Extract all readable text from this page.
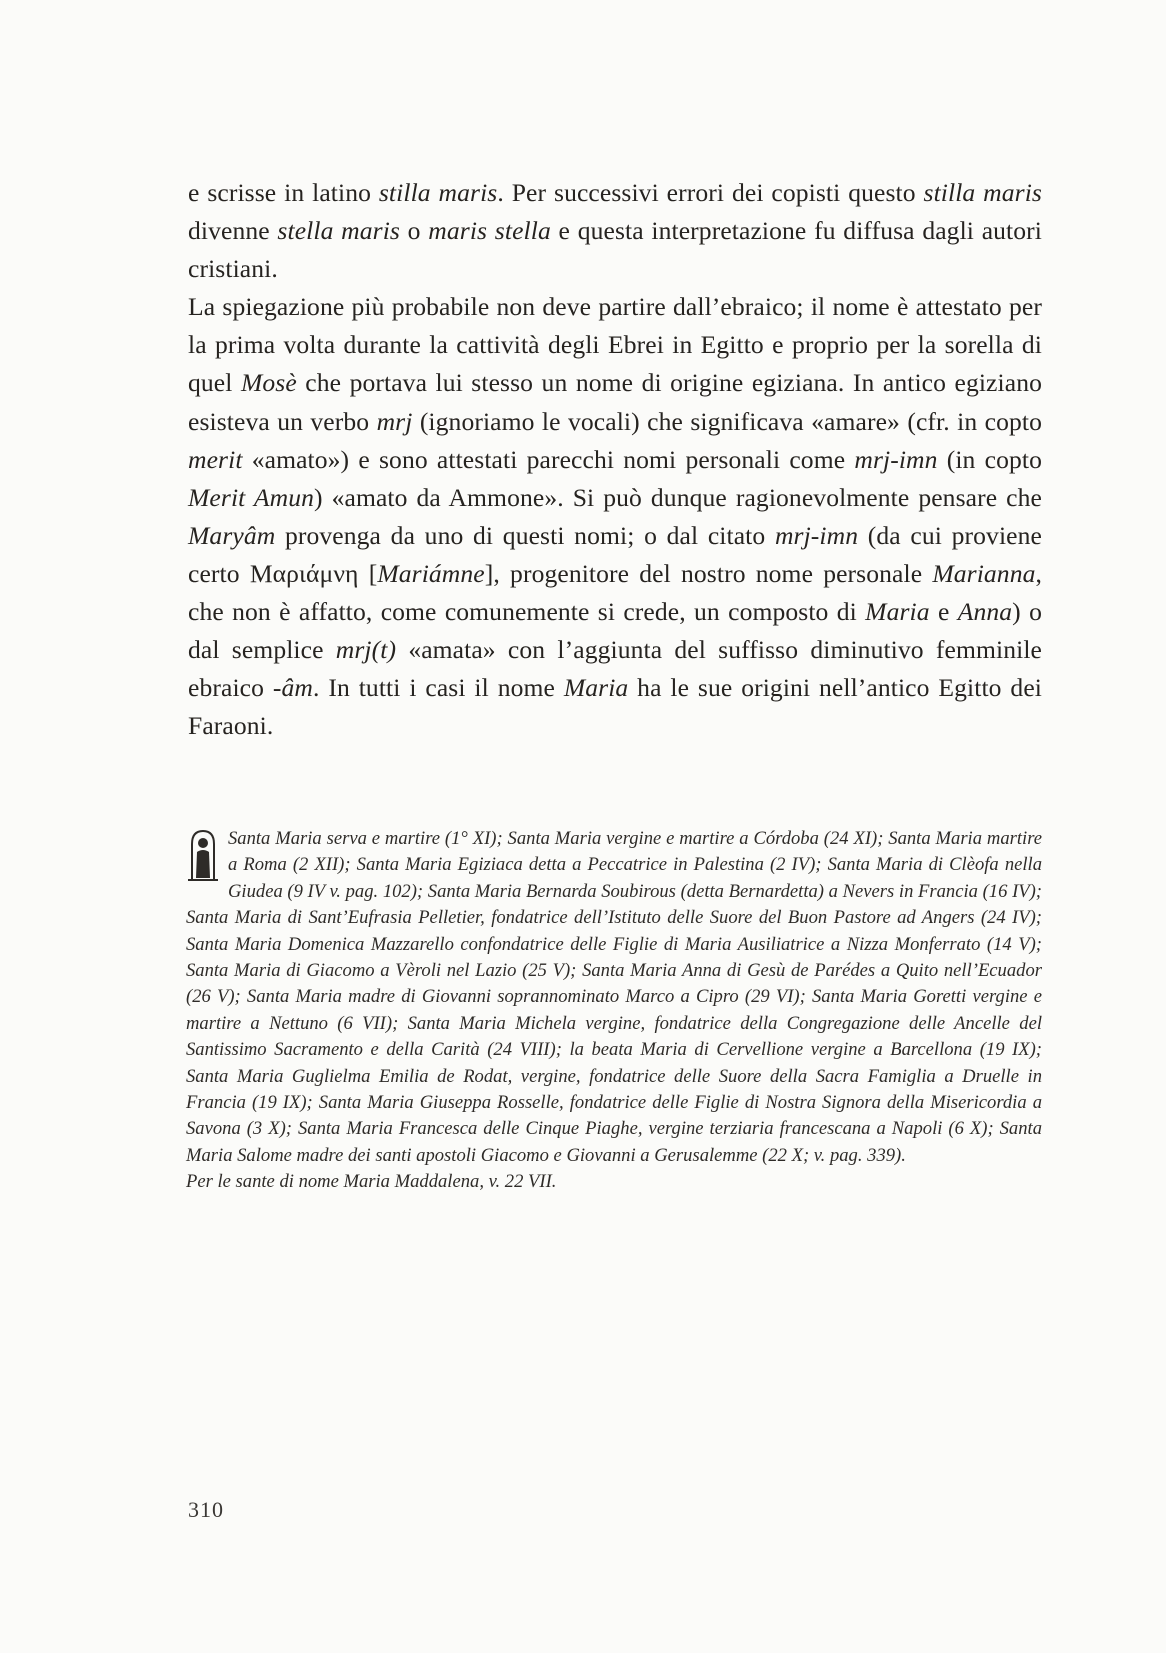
e scrisse in latino stilla maris. Per successivi errori dei copisti questo stilla maris divenne stella maris o maris stella e questa interpretazione fu diffusa dagli autori cristiani.

La spiegazione più probabile non deve partire dall’ebraico; il nome è attestato per la prima volta durante la cattività degli Ebrei in Egitto e proprio per la sorella di quel Mosè che portava lui stesso un nome di origine egiziana. In antico egiziano esisteva un verbo mrj (ignoriamo le vocali) che significava «amare» (cfr. in copto merit «amato») e sono attestati parecchi nomi personali come mrj-imn (in copto Merit Amun) «amato da Ammone». Si può dunque ragionevolmente pensare che Maryâm provenga da uno di questi nomi; o dal citato mrj-imn (da cui proviene certo Μαριάμνη [Mariámne], progenitore del nostro nome personale Marianna, che non è affatto, come comunemente si crede, un composto di Maria e Anna) o dal semplice mrj(t) «amata» con l’aggiunta del suffisso diminutivo femminile ebraico -âm. In tutti i casi il nome Maria ha le sue origini nell’antico Egitto dei Faraoni.

Santa Maria serva e martire (1° XI); Santa Maria vergine e martire a Córdoba (24 XI); Santa Maria martire a Roma (2 XII); Santa Maria Egiziaca detta a Peccatrice in Palestina (2 IV); Santa Maria di Clèofa nella Giudea (9 IV v. pag. 102); Santa Maria Bernarda Soubirous (detta Bernardetta) a Nevers in Francia (16 IV); Santa Maria di Sant’Eufrasia Pelletier, fondatrice dell’Istituto delle Suore del Buon Pastore ad Angers (24 IV); Santa Maria Domenica Mazzarello confondatrice delle Figlie di Maria Ausiliatrice a Nizza Monferrato (14 V); Santa Maria di Giacomo a Vèroli nel Lazio (25 V); Santa Maria Anna di Gesù de Parédes a Quito nell’Ecuador (26 V); Santa Maria madre di Giovanni soprannominato Marco a Cipro (29 VI); Santa Maria Goretti vergine e martire a Nettuno (6 VII); Santa Maria Michela vergine, fondatrice della Congregazione delle Ancelle del Santissimo Sacramento e della Carità (24 VIII); la beata Maria di Cervellione vergine a Barcellona (19 IX); Santa Maria Guglielma Emilia de Rodat, vergine, fondatrice delle Suore della Sacra Famiglia a Druelle in Francia (19 IX); Santa Maria Giuseppa Rosselle, fondatrice delle Figlie di Nostra Signora della Misericordia a Savona (3 X); Santa Maria Francesca delle Cinque Piaghe, vergine terziaria francescana a Napoli (6 X); Santa Maria Salome madre dei santi apostoli Giacomo e Giovanni a Gerusalemme (22 X; v. pag. 339).

Per le sante di nome Maria Maddalena, v. 22 VII.

310
